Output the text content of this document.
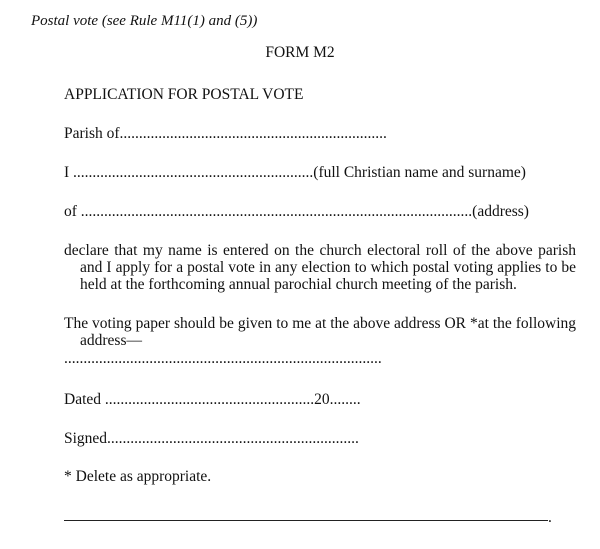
Postal vote (see Rule M11(1) and (5))
FORM M2
APPLICATION FOR POSTAL VOTE
Parish of.....................................................................
I ..............................................................(full Christian name and surname)
of .....................................................................................................(address)
declare that my name is entered on the church electoral roll of the above parish and I apply for a postal vote in any election to which postal voting applies to be held at the forthcoming annual parochial church meeting of the parish.
The voting paper should be given to me at the above address OR *at the following address—
..................................................................................
Dated ......................................................20........
Signed.................................................................
* Delete as appropriate.
.
